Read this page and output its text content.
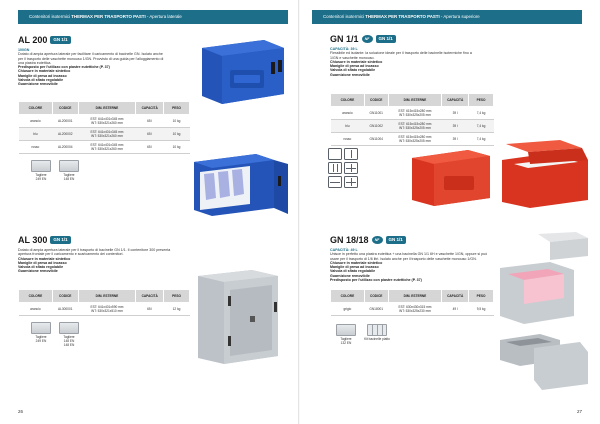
Contenitori isotermici THERMAX PER TRASPORTO PASTI - Apertura laterale
AL 200	GN 1/1
100GN
Dotato di ampia apertura laterale per facilitare il caricamento di bacinelle GN. Isolato anche per il trasporto delle vaschette monouso 1/GN. Provvisto di una guida per l'alloggiamento di una piastra eutettica.
Predisposto per l'utilizzo con piastre eutettiche (P. 37)
Chiusure in materiale sintetico
Maniglie di presa ad incasso
Valvola di sfiato regolabile
Guarnizione removibile
COLORE	CODICE	DIM. ESTERNE	CAPACITÀ	PESO
arancio	AL200001	EST: 641x401x345 mm
INT: 530x321x260 mm	65 l	10 kg
blu	AL200002	EST: 641x401x345 mm
INT: 530x321x260 mm	65 l	10 kg
rosso	AL200004	EST: 641x401x345 mm
INT: 530x321x260 mm	65 l	10 kg
Tagliere
249 EN
Tagliere
148 EN
AL 300	GN 1/1
Dotato di ampia apertura laterale per il trasporto di bacinelle GN 1/1. Il contenitore 300 presenta apertura frontale per il caricamento e scaricamento dei contenitori.
Chiusure in materiale sintetico
Maniglie di presa ad incasso
Valvola di sfiato regolabile
Guarnizione removibile
COLORE	CODICE	DIM. ESTERNE	CAPACITÀ	PESO
arancio	AL300001	EST: 641x401x590 mm
INT: 530x321x510 mm	65 l	12 kg
Tagliere
249 EN
Tagliere
148 EN
148 EN
26
Contenitori isotermici THERMAX PER TRASPORTO PASTI - Apertura superiore
GN 1/1	NF	GN 1/1
CAPACITÀ: 39 L
Flessibile ed isolante: la soluzione ideale per il trasporto delle bacinelle isotermiche fino a 1/GN e vaschette monouso.
Chiusure in materiale sintetico
Maniglie di presa ad incasso
Valvola di sfiato regolabile
Guarnizione removibile
COLORE	CODICE	DIM. ESTERNE	CAPACITÀ	PESO
arancio	GN11001	EST: 615x415x280 mm
INT: 530x325x205 mm	39 l	7,4 kg
blu	GN11002	EST: 615x415x280 mm
INT: 530x325x205 mm	39 l	7,4 kg
rosso	GN11004	EST: 615x415x280 mm
INT: 530x325x205 mm	39 l	7,4 kg
GN 18/18	NF	GN 1/1
CAPACITÀ: 49 L
Unisce in perfetto una piastra eutettica + una bacinella GN 1/1 6H e vaschette 1/GN, oppure si può usare per il trasporto di 1/6 litri. Isolato anche per il trasporto delle vaschette monouso 1/GN.
Chiusure in materiale sintetico
Maniglie di presa ad incasso
Valvola di sfiato regolabile
Guarnizione removibile
Predisposto per l'utilizzo con piastre eutettiche (P. 37)
COLORE	CODICE	DIM. ESTERNE	CAPACITÀ	PESO
grigio	GN18001	EST: 630x430x315 mm
INT: 530x325x230 mm	49 l	9,5 kg
Tagliere
132 EN
Kit bacinelle piatto
27
